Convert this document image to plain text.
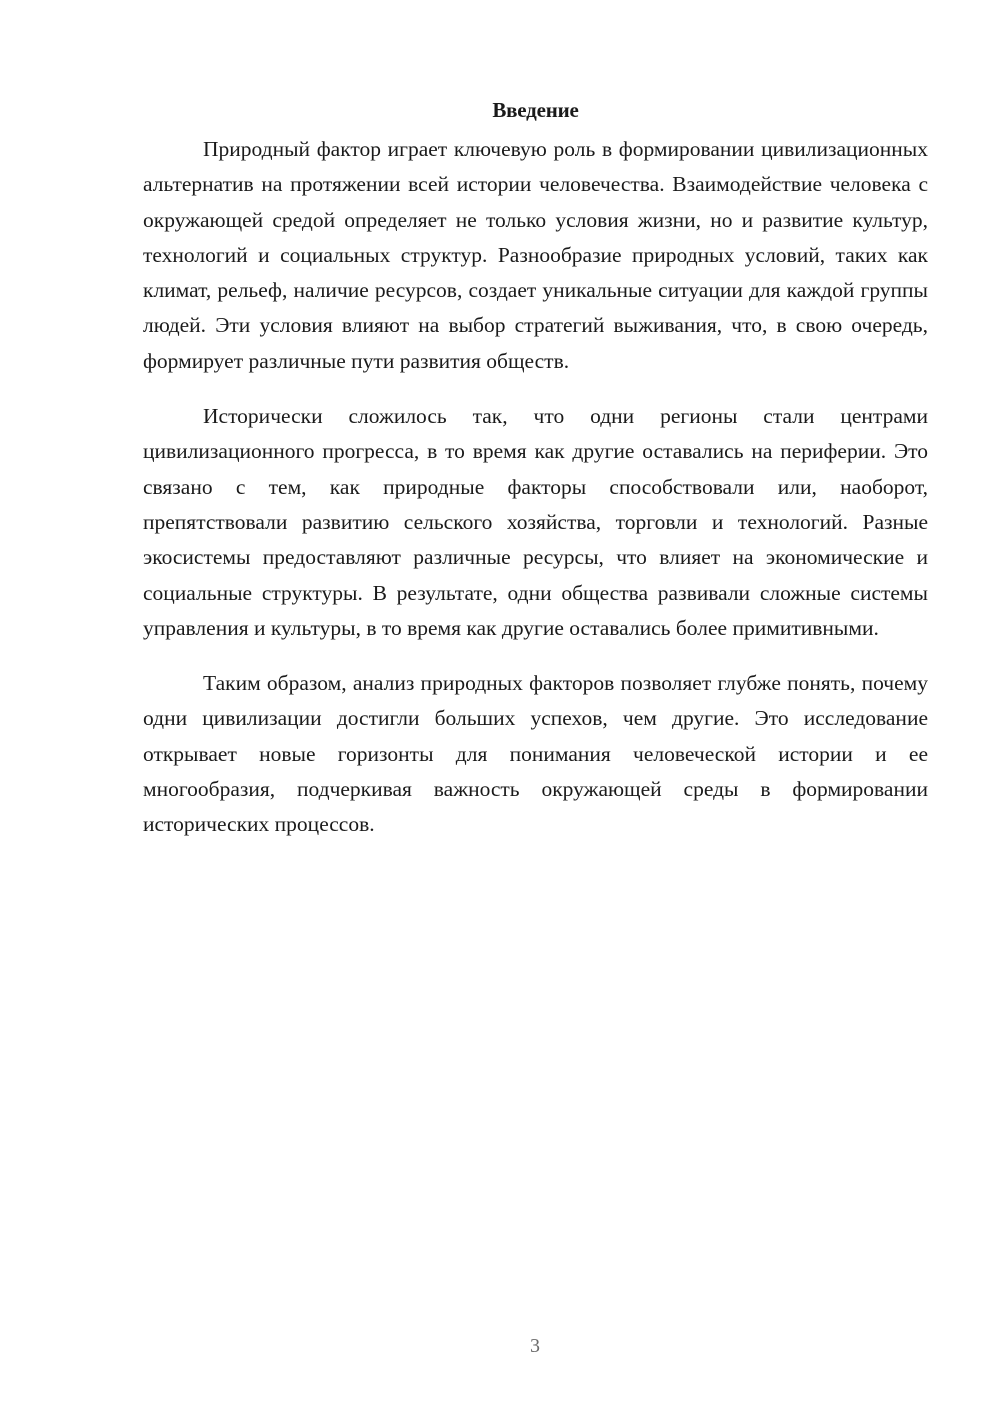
Введение

Природный фактор играет ключевую роль в формировании цивилизационных альтернатив на протяжении всей истории человечества. Взаимодействие человека с окружающей средой определяет не только условия жизни, но и развитие культур, технологий и социальных структур. Разнообразие природных условий, таких как климат, рельеф, наличие ресурсов, создает уникальные ситуации для каждой группы людей. Эти условия влияют на выбор стратегий выживания, что, в свою очередь, формирует различные пути развития обществ.

Исторически сложилось так, что одни регионы стали центрами цивилизационного прогресса, в то время как другие оставались на периферии. Это связано с тем, как природные факторы способствовали или, наоборот, препятствовали развитию сельского хозяйства, торговли и технологий. Разные экосистемы предоставляют различные ресурсы, что влияет на экономические и социальные структуры. В результате, одни общества развивали сложные системы управления и культуры, в то время как другие оставались более примитивными.

Таким образом, анализ природных факторов позволяет глубже понять, почему одни цивилизации достигли больших успехов, чем другие. Это исследование открывает новые горизонты для понимания человеческой истории и ее многообразия, подчеркивая важность окружающей среды в формировании исторических процессов.

3
